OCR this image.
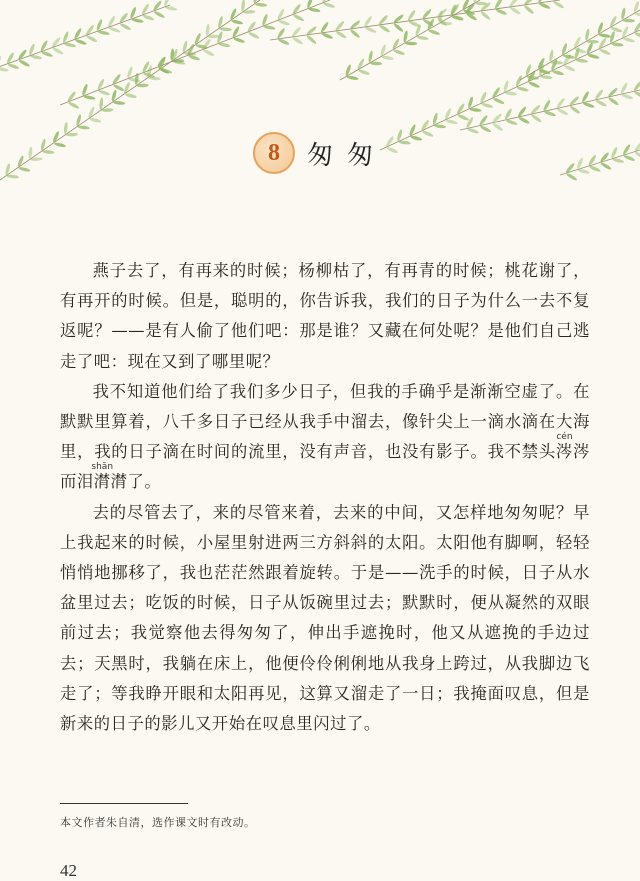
8 匆匆

燕子去了，有再来的时候；杨柳枯了，有再青的时候；桃花谢了，有再开的时候。但是，聪明的，你告诉我，我们的日子为什么一去不复返呢？——是有人偷了他们吧：那是谁？又藏在何处呢？是他们自己逃走了吧：现在又到了哪里呢？

我不知道他们给了我们多少日子，但我的手确乎是渐渐空虚了。在默默里算着，八千多日子已经从我手中溜去，像针尖上一滴水滴在大海里，我的日子滴在时间的流里，没有声音，也没有影子。我不禁头涔cén涔而泪潸shān潸了。

去的尽管去了，来的尽管来着，去来的中间，又怎样地匆匆呢？早上我起来的时候，小屋里射进两三方斜斜的太阳。太阳他有脚啊，轻轻悄悄地挪移了，我也茫茫然跟着旋转。于是——洗手的时候，日子从水盆里过去；吃饭的时候，日子从饭碗里过去；默默时，便从凝然的双眼前过去；我觉察他去得匆匆了，伸出手遮挽时，他又从遮挽的手边过去；天黑时，我躺在床上，他便伶伶俐俐地从我身上跨过，从我脚边飞走了；等我睁开眼和太阳再见，这算又溜走了一日；我掩面叹息，但是新来的日子的影儿又开始在叹息里闪过了。

本文作者朱自清，选作课文时有改动。
42
